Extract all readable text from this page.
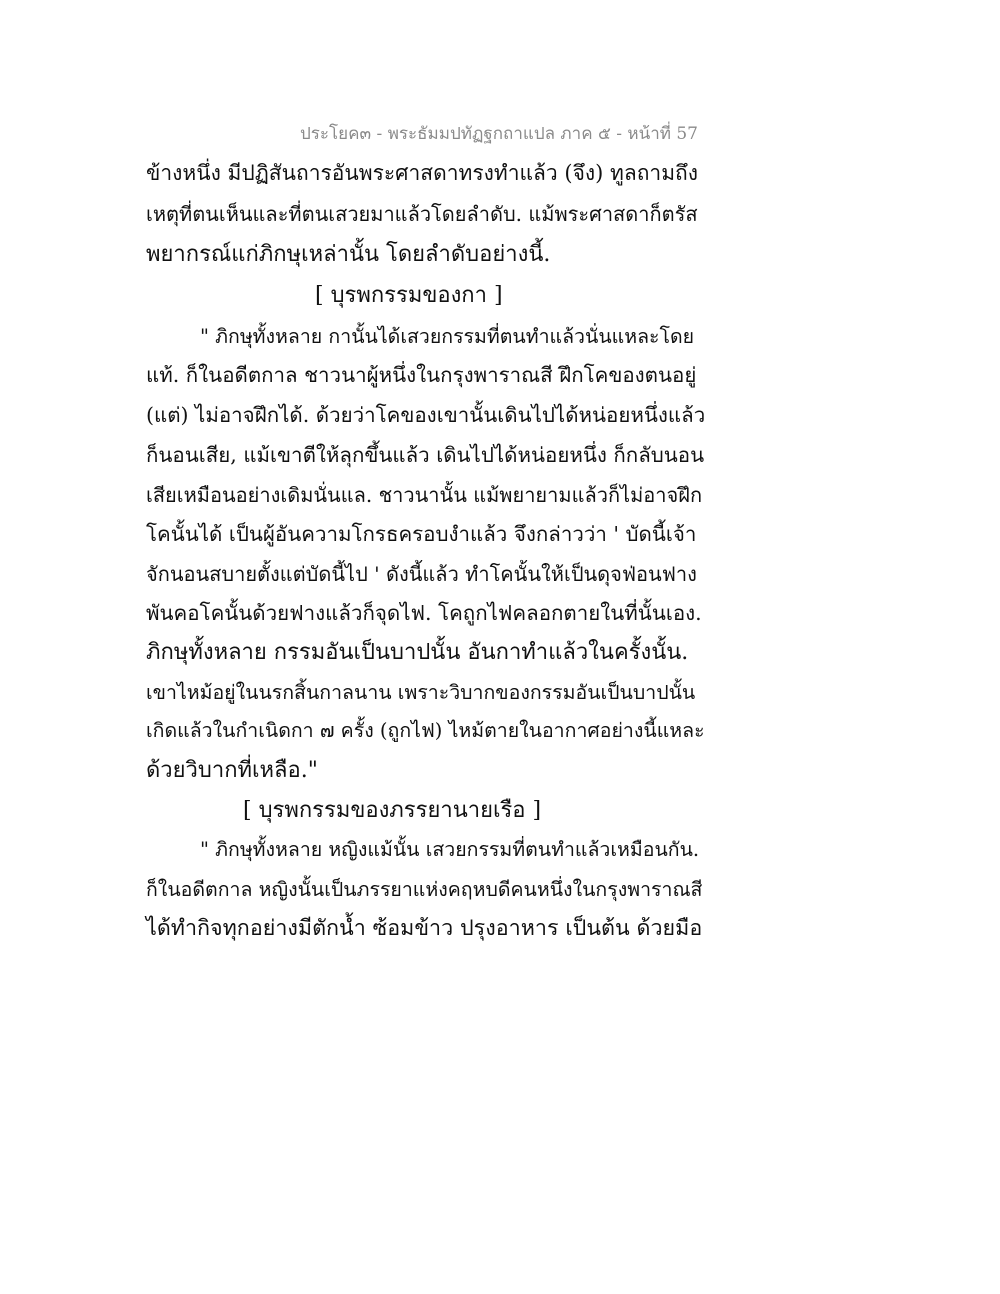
ประโยค๓ - พระธัมมปทัฏฐกถาแปล ภาค ๕ - หน้าที่ 57
ข้างหนึ่ง มีปฏิสันถารอันพระศาสดาทรงทำแล้ว (จึง) ทูลถามถึง
เหตุที่ตนเห็นและที่ตนเสวยมาแล้วโดยลำดับ. แม้พระศาสดาก็ตรัส
พยากรณ์แก่ภิกษุเหล่านั้น โดยลำดับอย่างนี้.
[ บุรพกรรมของกา ]
" ภิกษุทั้งหลาย กานั้นได้เสวยกรรมที่ตนทำแล้วนั่นแหละโดย
แท้. ก็ในอดีตกาล ชาวนาผู้หนึ่งในกรุงพาราณสี ฝึกโคของตนอยู่
(แต่) ไม่อาจฝึกได้. ด้วยว่าโคของเขานั้นเดินไปได้หน่อยหนึ่งแล้ว
ก็นอนเสีย, แม้เขาตีให้ลุกขึ้นแล้ว เดินไปได้หน่อยหนึ่ง ก็กลับนอน
เสียเหมือนอย่างเดิมนั่นแล. ชาวนานั้น แม้พยายามแล้วก็ไม่อาจฝึก
โคนั้นได้ เป็นผู้อันความโกรธครอบงำแล้ว จึงกล่าวว่า ' บัดนี้เจ้า
จักนอนสบายตั้งแต่บัดนี้ไป ' ดังนี้แล้ว ทำโคนั้นให้เป็นดุจฟ่อนฟาง
พันคอโคนั้นด้วยฟางแล้วก็จุดไฟ. โคถูกไฟคลอกตายในที่นั้นเอง.
ภิกษุทั้งหลาย กรรมอันเป็นบาปนั้น อันกาทำแล้วในครั้งนั้น.
เขาไหม้อยู่ในนรกสิ้นกาลนาน เพราะวิบากของกรรมอันเป็นบาปนั้น
เกิดแล้วในกำเนิดกา ๗ ครั้ง (ถูกไฟ) ไหม้ตายในอากาศอย่างนี้แหละ
ด้วยวิบากที่เหลือ."
[ บุรพกรรมของภรรยานายเรือ ]
" ภิกษุทั้งหลาย หญิงแม้นั้น เสวยกรรมที่ตนทำแล้วเหมือนกัน.
ก็ในอดีตกาล หญิงนั้นเป็นภรรยาแห่งคฤหบดีคนหนึ่งในกรุงพาราณสี
ได้ทำกิจทุกอย่างมีตักน้ำ ซ้อมข้าว ปรุงอาหาร เป็นต้น ด้วยมือ
